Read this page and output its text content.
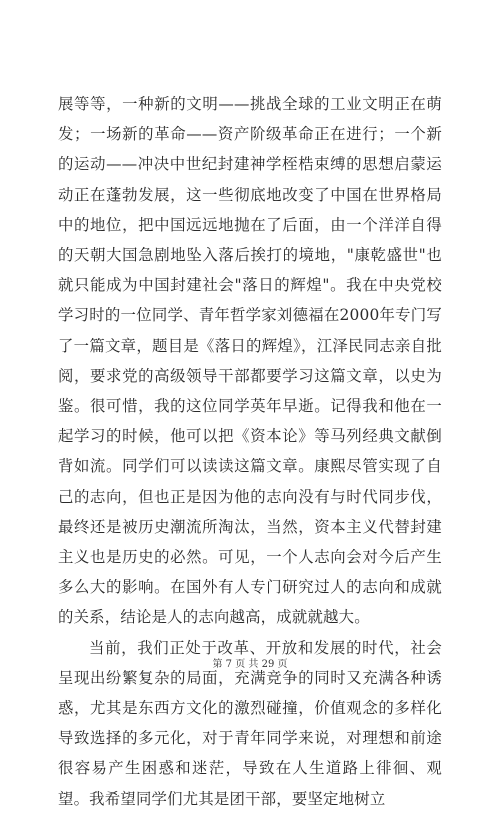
展等等，一种新的文明——挑战全球的工业文明正在萌发；一场新的革命——资产阶级革命正在进行；一个新的运动——冲决中世纪封建神学桎梏束缚的思想启蒙运动正在蓬勃发展，这一些彻底地改变了中国在世界格局中的地位，把中国远远地抛在了后面，由一个洋洋自得的天朝大国急剧地坠入落后挨打的境地，"康乾盛世"也就只能成为中国封建社会"落日的辉煌"。我在中央党校学习时的一位同学、青年哲学家刘德福在2000年专门写了一篇文章，题目是《落日的辉煌》，江泽民同志亲自批阅，要求党的高级领导干部都要学习这篇文章，以史为鉴。很可惜，我的这位同学英年早逝。记得我和他在一起学习的时候，他可以把《资本论》等马列经典文献倒背如流。同学们可以读读这篇文章。康熙尽管实现了自己的志向，但也正是因为他的志向没有与时代同步伐，最终还是被历史潮流所淘汰，当然，资本主义代替封建主义也是历史的必然。可见，一个人志向会对今后产生多么大的影响。在国外有人专门研究过人的志向和成就的关系，结论是人的志向越高，成就就越大。

当前，我们正处于改革、开放和发展的时代，社会呈现出纷繁复杂的局面，充满竞争的同时又充满各种诱惑，尤其是东西方文化的激烈碰撞，价值观念的多样化导致选择的多元化，对于青年同学来说，对理想和前途很容易产生困惑和迷茫，导致在人生道路上徘徊、观望。我希望同学们尤其是团干部，要坚定地树立

第 7 页 共 29 页
